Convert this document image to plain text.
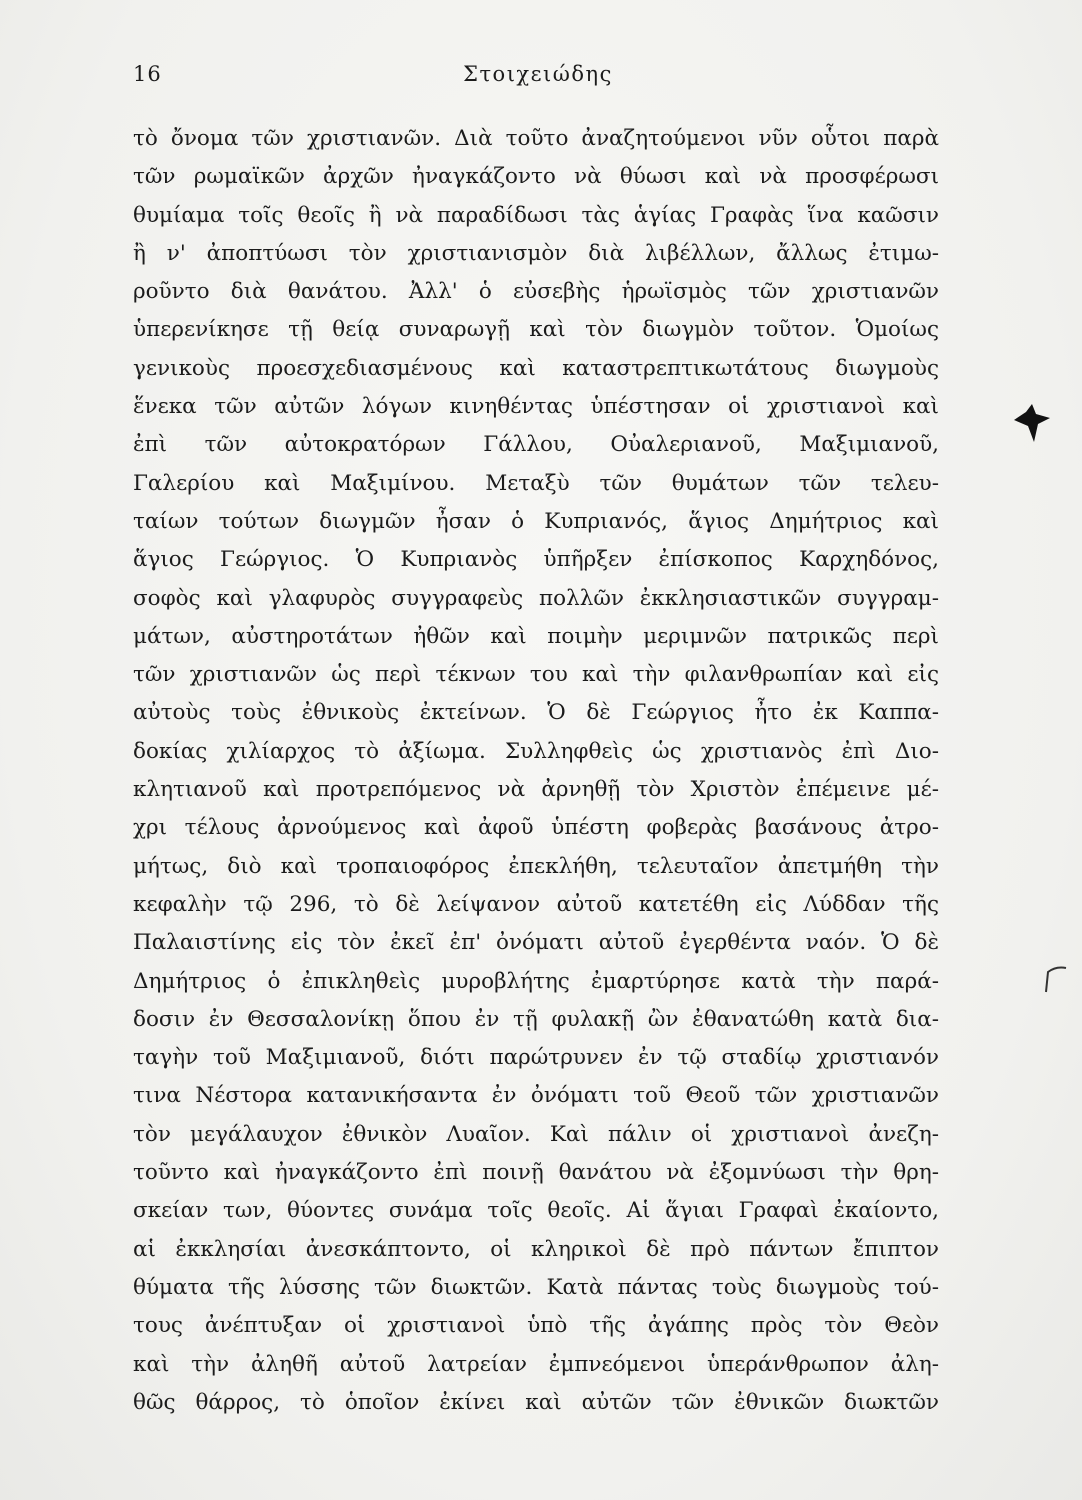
16	Στοιχειώδης
τὸ ὄνομα τῶν χριστιανῶν. Διὰ τοῦτο ἀναζητούμενοι νῦν οὗτοι παρὰ
τῶν ρωμαϊκῶν ἀρχῶν ἠναγκάζοντο νὰ θύωσι καὶ νὰ προσφέρωσι
θυμίαμα τοῖς θεοῖς ἢ νὰ παραδίδωσι τὰς ἁγίας Γραφὰς ἵνα καῶσιν
ἢ ν' ἀποπτύωσι τὸν χριστιανισμὸν διὰ λιβέλλων, ἄλλως ἐτιμω-
ροῦντο διὰ θανάτου. Ἀλλ' ὁ εὐσεβὴς ἡρωϊσμὸς τῶν χριστιανῶν
ὑπερενίκησε τῇ θείᾳ συναρωγῇ καὶ τὸν διωγμὸν τοῦτον. Ὁμοίως
γενικοὺς προεσχεδιασμένους καὶ καταστρεπτικωτάτους διωγμοὺς
ἕνεκα τῶν αὐτῶν λόγων κινηθέντας ὑπέστησαν οἱ χριστιανοὶ καὶ
ἐπὶ τῶν αὐτοκρατόρων Γάλλου, Οὐαλεριανοῦ, Μαξιμιανοῦ,
Γαλερίου καὶ Μαξιμίνου. Μεταξὺ τῶν θυμάτων τῶν τελευ-
ταίων τούτων διωγμῶν ἦσαν ὁ Κυπριανός, ἅγιος Δημήτριος καὶ
ἅγιος Γεώργιος. Ὁ Κυπριανὸς ὑπῆρξεν ἐπίσκοπος Καρχηδόνος,
σοφὸς καὶ γλαφυρὸς συγγραφεὺς πολλῶν ἐκκλησιαστικῶν συγγραμ-
μάτων, αὐστηροτάτων ἠθῶν καὶ ποιμὴν μεριμνῶν πατρικῶς περὶ
τῶν χριστιανῶν ὡς περὶ τέκνων του καὶ τὴν φιλανθρωπίαν καὶ εἰς
αὐτοὺς τοὺς ἐθνικοὺς ἐκτείνων. Ὁ δὲ Γεώργιος ἦτο ἐκ Καππα-
δοκίας χιλίαρχος τὸ ἀξίωμα. Συλληφθεὶς ὡς χριστιανὸς ἐπὶ Διο-
κλητιανοῦ καὶ προτρεπόμενος νὰ ἀρνηθῇ τὸν Χριστὸν ἐπέμεινε μέ-
χρι τέλους ἀρνούμενος καὶ ἀφοῦ ὑπέστη φοβερὰς βασάνους ἀτρο-
μήτως, διὸ καὶ τροπαιοφόρος ἐπεκλήθη, τελευταῖον ἀπετμήθη τὴν
κεφαλὴν τῷ 296, τὸ δὲ λείψανον αὐτοῦ κατετέθη εἰς Λύδδαν τῆς
Παλαιστίνης εἰς τὸν ἐκεῖ ἐπ' ὀνόματι αὐτοῦ ἐγερθέντα ναόν. Ὁ δὲ
Δημήτριος ὁ ἐπικληθεὶς μυροβλήτης ἐμαρτύρησε κατὰ τὴν παρά-
δοσιν ἐν Θεσσαλονίκῃ ὅπου ἐν τῇ φυλακῇ ὢν ἐθανατώθη κατὰ δια-
ταγὴν τοῦ Μαξιμιανοῦ, διότι παρώτρυνεν ἐν τῷ σταδίῳ χριστιανόν
τινα Νέστορα κατανικήσαντα ἐν ὀνόματι τοῦ Θεοῦ τῶν χριστιανῶν
τὸν μεγάλαυχον ἐθνικὸν Λυαῖον. Καὶ πάλιν οἱ χριστιανοὶ ἀνεζη-
τοῦντο καὶ ἠναγκάζοντο ἐπὶ ποινῇ θανάτου νὰ ἐξομνύωσι τὴν θρη-
σκείαν των, θύοντες συνάμα τοῖς θεοῖς. Αἱ ἅγιαι Γραφαὶ ἐκαίοντο,
αἱ ἐκκλησίαι ἀνεσκάπτοντο, οἱ κληρικοὶ δὲ πρὸ πάντων ἔπιπτον
θύματα τῆς λύσσης τῶν διωκτῶν. Κατὰ πάντας τοὺς διωγμοὺς τού-
τους ἀνέπτυξαν οἱ χριστιανοὶ ὑπὸ τῆς ἀγάπης πρὸς τὸν Θεὸν
καὶ τὴν ἀληθῆ αὐτοῦ λατρείαν ἐμπνεόμενοι ὑπεράνθρωπον ἀλη-
θῶς θάρρος, τὸ ὁποῖον ἐκίνει καὶ αὐτῶν τῶν ἐθνικῶν διωκτῶν
